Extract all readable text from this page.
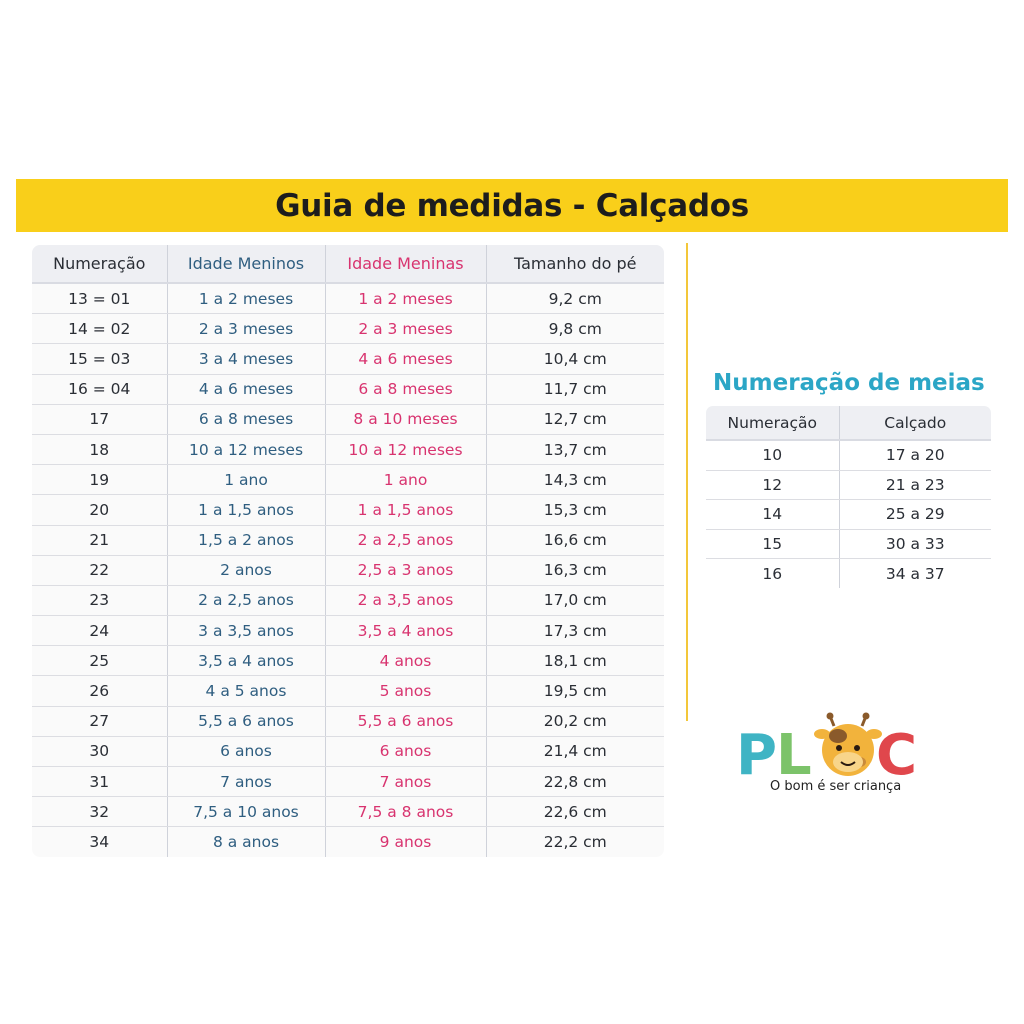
Guia de medidas - Calçados
Numeração	Idade Meninos	Idade Meninas	Tamanho do pé
13 = 01	1 a 2 meses	1 a 2 meses	9,2 cm
14 = 02	2 a 3 meses	2 a 3 meses	9,8 cm
15 = 03	3 a 4 meses	4 a 6 meses	10,4 cm
16 = 04	4 a 6 meses	6 a 8 meses	11,7 cm
17	6 a 8 meses	8 a 10 meses	12,7 cm
18	10 a 12 meses	10 a 12 meses	13,7 cm
19	1 ano	1 ano	14,3 cm
20	1 a 1,5 anos	1 a 1,5 anos	15,3 cm
21	1,5 a 2 anos	2 a 2,5 anos	16,6 cm
22	2 anos	2,5 a 3 anos	16,3 cm
23	2 a 2,5 anos	2 a 3,5 anos	17,0 cm
24	3 a 3,5 anos	3,5 a 4 anos	17,3 cm
25	3,5 a 4 anos	4 anos	18,1 cm
26	4 a 5 anos	5 anos	19,5 cm
27	5,5 a 6 anos	5,5 a 6 anos	20,2 cm
30	6 anos	6 anos	21,4 cm
31	7 anos	7 anos	22,8 cm
32	7,5 a 10 anos	7,5 a 8 anos	22,6 cm
34	8 a anos	9 anos	22,2 cm
Numeração de meias
Numeração	Calçado
10	17 a 20
12	21 a 23
14	25 a 29
15	30 a 33
16	34 a 37
P
L C

O bom é ser criança
